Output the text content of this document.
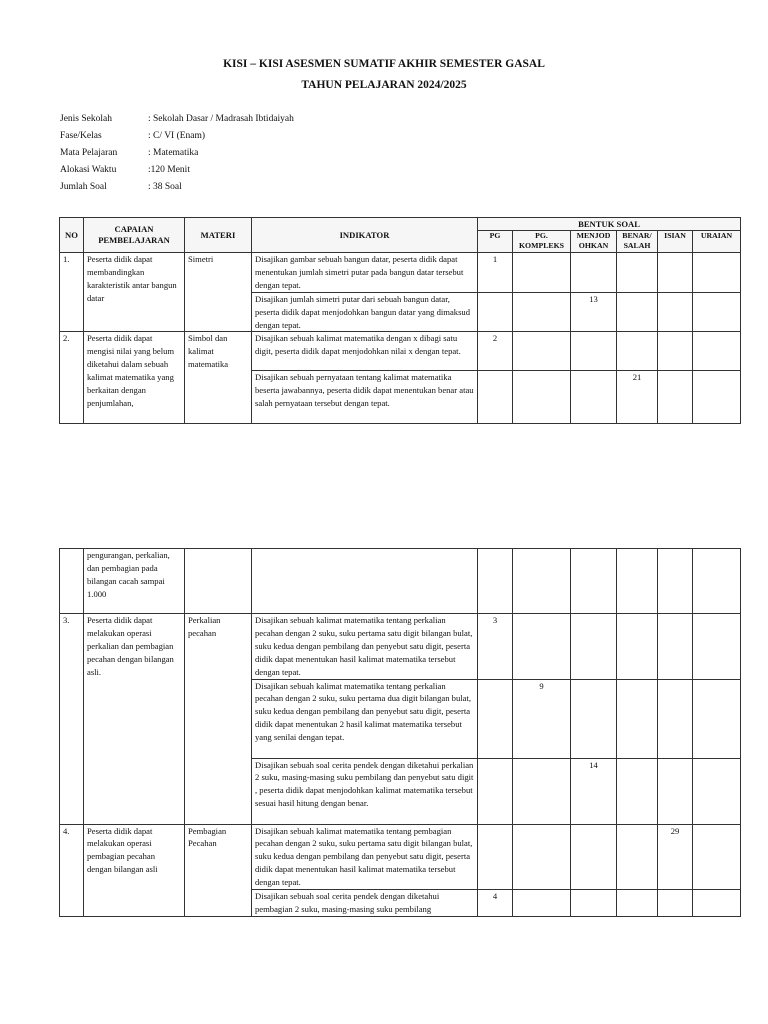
KISI – KISI ASESMEN SUMATIF AKHIR SEMESTER GASAL
TAHUN PELAJARAN 2024/2025
Jenis Sekolah	: Sekolah Dasar / Madrasah Ibtidaiyah
Fase/Kelas	: C/ VI (Enam)
Mata Pelajaran	: Matematika
Alokasi Waktu	:120 Menit
Jumlah Soal	: 38 Soal
NO	CAPAIAN PEMBELAJARAN	MATERI	INDIKATOR	BENTUK SOAL					
				PG	PG. KOMPLEKS	MENJOD OHKAN	BENAR/ SALAH	ISIAN	URAIAN
1.	Peserta didik dapat membandingkan karakteristik antar bangun datar	Simetri	Disajikan gambar sebuah bangun datar, peserta didik dapat menentukan jumlah simetri putar pada bangun datar tersebut dengan tepat.	1					
			Disajikan jumlah simetri putar dari sebuah bangun datar, peserta didik dapat menjodohkan bangun datar yang dimaksud dengan tepat.			13			
2.	Peserta didik dapat mengisi nilai yang belum diketahui dalam sebuah kalimat matematika yang berkaitan dengan penjumlahan,	Simbol dan kalimat matematika	Disajikan sebuah kalimat matematika dengan x dibagi satu digit, peserta didik dapat menjodohkan nilai x dengan tepat.	2					
			Disajikan sebuah pernyataan tentang kalimat matematika beserta jawabannya, peserta didik dapat menentukan benar atau salah pernyataan tersebut dengan tepat.				21		
	pengurangan, perkalian, dan pembagian pada bilangan cacah sampai 1.000								
3.	Peserta didik dapat melakukan operasi perkalian dan pembagian pecahan dengan bilangan asli.	Perkalian pecahan	Disajikan sebuah kalimat matematika tentang perkalian pecahan dengan 2 suku, suku pertama satu digit bilangan bulat, suku kedua dengan pembilang dan penyebut satu digit, peserta didik dapat menentukan hasil kalimat matematika tersebut dengan tepat.	3					
			Disajikan sebuah kalimat matematika tentang perkalian pecahan dengan 2 suku, suku pertama dua digit bilangan bulat, suku kedua dengan pembilang dan penyebut satu digit, peserta didik dapat menentukan 2 hasil kalimat matematika tersebut yang senilai dengan tepat.		9				
			Disajikan sebuah soal cerita pendek dengan diketahui perkalian 2 suku, masing-masing suku pembilang dan penyebut satu digit , peserta didik dapat menjodohkan kalimat matematika tersebut sesuai hasil hitung dengan benar.			14			
4.	Peserta didik dapat melakukan operasi pembagian pecahan dengan bilangan asli	Pembagian Pecahan	Disajikan sebuah kalimat matematika tentang pembagian pecahan dengan 2 suku, suku pertama satu digit bilangan bulat, suku kedua dengan pembilang dan penyebut satu digit, peserta didik dapat menentukan hasil kalimat matematika tersebut dengan tepat.					29	
			Disajikan sebuah soal cerita pendek dengan diketahui pembagian 2 suku, masing-masing suku pembilang	4					
